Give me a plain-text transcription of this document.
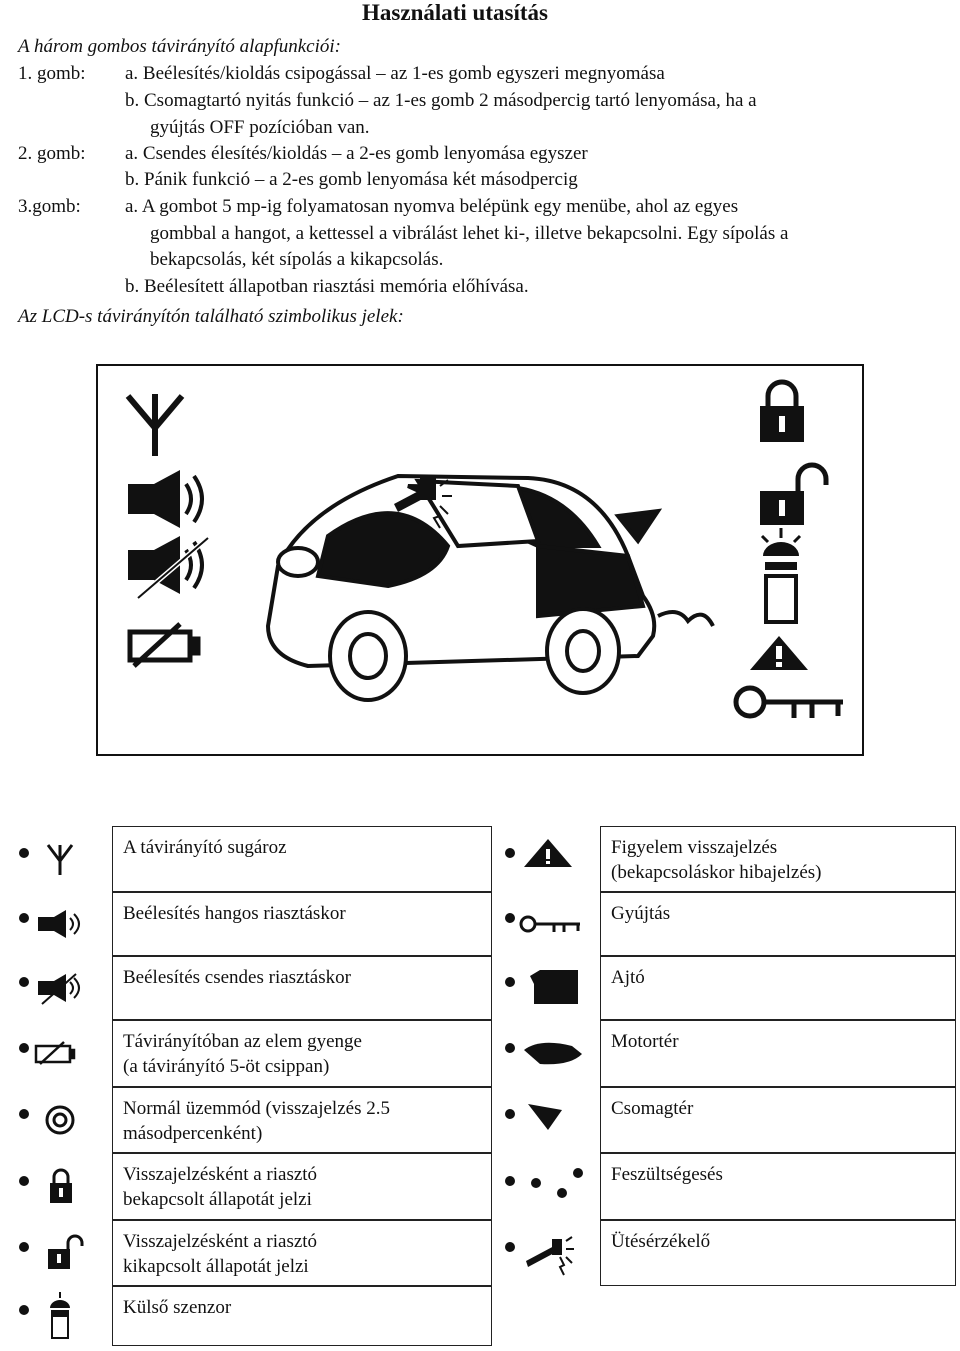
Használati utasítás
A három gombos távirányító alapfunkciói:
1. gomb: a. Beélesítés/kioldás csipogással – az 1-es gomb egyszeri megnyomása
b. Csomagtartó nyitás funkció – az 1-es gomb 2 másodpercig tartó lenyomása, ha a
gyújtás OFF pozícióban van.
2. gomb: a. Csendes élesítés/kioldás – a 2-es gomb lenyomása egyszer
b. Pánik funkció – a 2-es gomb lenyomása két másodpercig
3.gomb: a. A gombot 5 mp-ig folyamatosan nyomva belépünk egy menübe, ahol az egyes
gombbal a hangot, a kettessel a vibrálást lehet ki-, illetve bekapcsolni. Egy sípolás a
bekapcsolás, két sípolás a kikapcsolás.
b. Beélesített állapotban riasztási memória előhívása.
Az LCD-s távirányítón található szimbolikus jelek:
A távirányító sugároz
Beélesítés hangos riasztáskor
Beélesítés csendes riasztáskor
Távirányítóban az elem gyenge
(a távirányító 5-öt csippan)
Normál üzemmód (visszajelzés 2.5
másodpercenként)
Visszajelzésként a riasztó
bekapcsolt állapotát jelzi
Visszajelzésként a riasztó
kikapcsolt állapotát jelzi
Külső szenzor
Figyelem visszajelzés
(bekapcsoláskor hibajelzés)
Gyújtás
Ajtó
Motortér
Csomagtér
Feszültségesés
Ütésérzékelő
